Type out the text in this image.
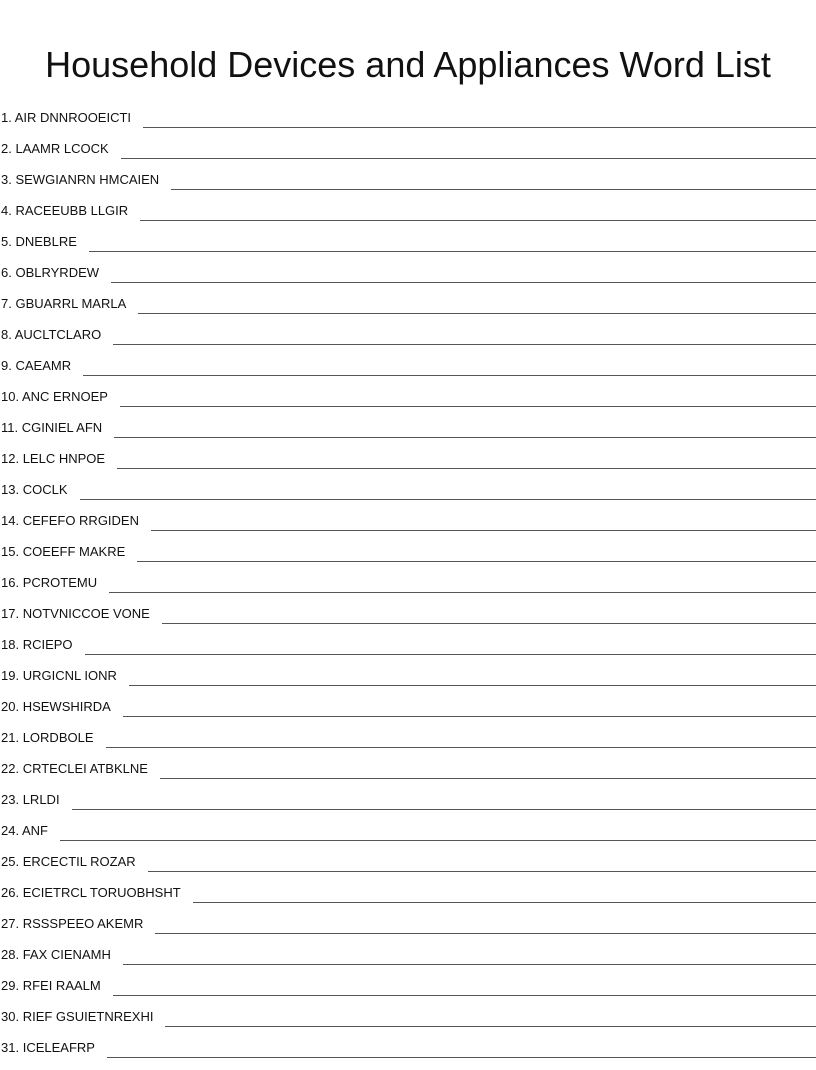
Household Devices and Appliances Word List
1. AIR DNNROOEICTI
2. LAAMR LCOCK
3. SEWGIANRN HMCAIEN
4. RACEEUBB LLGIR
5. DNEBLRE
6. OBLRYRDEW
7. GBUARRL MARLA
8. AUCLTCLARO
9. CAEAMR
10. ANC ERNOEP
11. CGINIEL AFN
12. LELC HNPOE
13. COCLK
14. CEFEFO RRGIDEN
15. COEEFF MAKRE
16. PCROTEMU
17. NOTVNICCOE VONE
18. RCIEPO
19. URGICNL IONR
20. HSEWSHIRDA
21. LORDBOLE
22. CRTECLEI ATBKLNE
23. LRLDI
24. ANF
25. ERCECTIL ROZAR
26. ECIETRCL TORUOBHSHT
27. RSSSPEEO AKEMR
28. FAX CIENAMH
29. RFEI RAALM
30. RIEF GSUIETNREXHI
31. ICELEAFRP
